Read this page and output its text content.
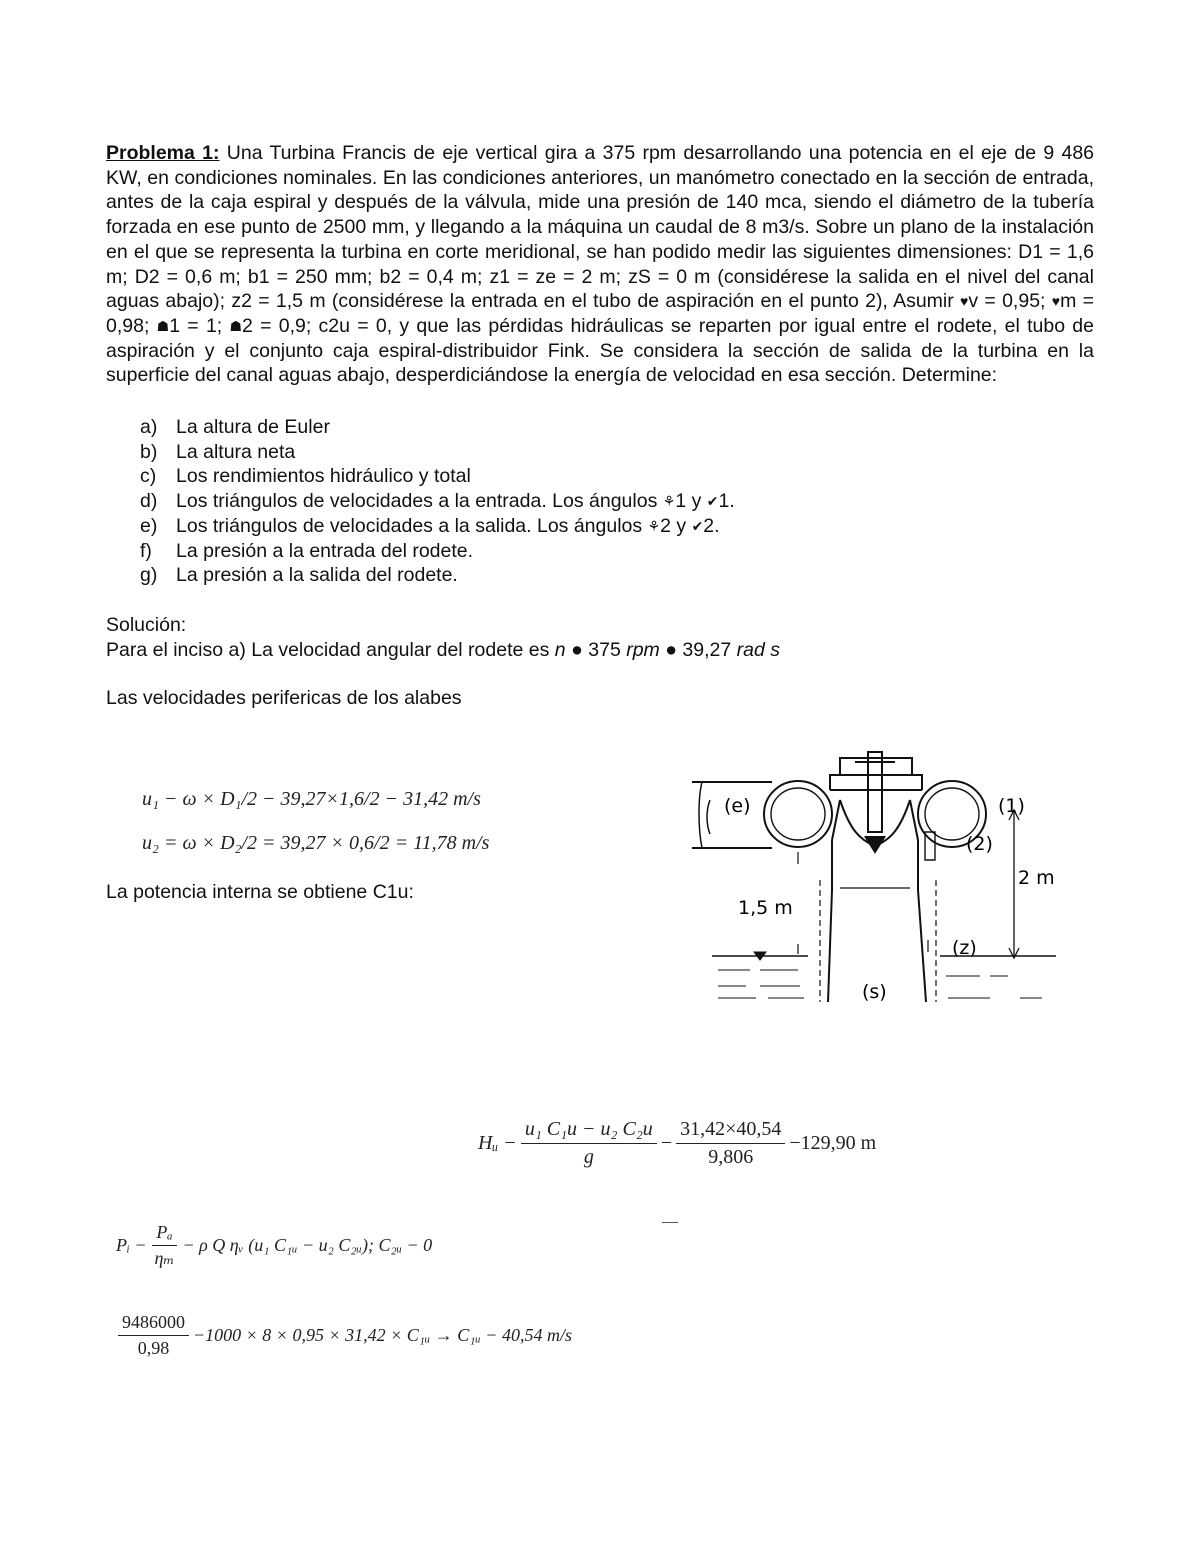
Problema 1: Una Turbina Francis de eje vertical gira a 375 rpm desarrollando una potencia en el eje de 9 486 KW, en condiciones nominales. En las condiciones anteriores, un manómetro conectado en la sección de entrada, antes de la caja espiral y después de la válvula, mide una presión de 140 mca, siendo el diámetro de la tubería forzada en ese punto de 2500 mm, y llegando a la máquina un caudal de 8 m3/s. Sobre un plano de la instalación en el que se representa la turbina en corte meridional, se han podido medir las siguientes dimensiones: D1 = 1,6 m; D2 = 0,6 m; b1 = 250 mm; b2 = 0,4 m; z1 = ze = 2 m; zS = 0 m (considérese la salida en el nivel del canal aguas abajo); z2 = 1,5 m (considérese la entrada en el tubo de aspiración en el punto 2), Asumir ♥v = 0,95; ♥m = 0,98; ☗1 = 1; ☗2 = 0,9; c2u = 0, y que las pérdidas hidráulicas se reparten por igual entre el rodete, el tubo de aspiración y el conjunto caja espiral-distribuidor Fink. Se considera la sección de salida de la turbina en la superficie del canal aguas abajo, desperdiciándose la energía de velocidad en esa sección. Determine:
a) La altura de Euler
b) La altura neta
c)	Los rendimientos hidráulico y total
d) Los triángulos de velocidades a la entrada. Los ángulos ⚘1 y ✔1.
e) Los triángulos de velocidades a la salida. Los ángulos ⚘2 y ✔2.
f)	La presión a la entrada del rodete.
g) La presión a la salida del rodete.
Solución:
Para el inciso a) La velocidad angular del rodete es n ● 375 rpm ● 39,27 rad s
Las velocidades perifericas de los alabes
u₁ − ω × D₁/2 − 39,27×1,6/2 − 31,42 m/s
u₂ = ω × D₂/2 = 39,27 × 0,6/2 = 11,78 m/s
La potencia interna se obtiene C1u:
Hᵤ − $\frac{\text{u₁ C₁u − u₂ C₂u}}{g} - \frac{31,42\times 40,54}{9,806} -129,90$ m
Pᵢ − $\frac{\text{Pₐ}}{\text{ηₘ}} - \rho$ Q ηᵥ (u₁ C₁ᵤ − u₂ C₂ᵤ); C₂ᵤ − 0
$\frac{9486000}{0,98} -1000 \times 8 \times 0,95 \times 31,42$ × C₁ᵤ → C₁ᵤ − 40,54 m/s
(e)	(1)
(2)
2 m
1,5 m
(z)
(s)
